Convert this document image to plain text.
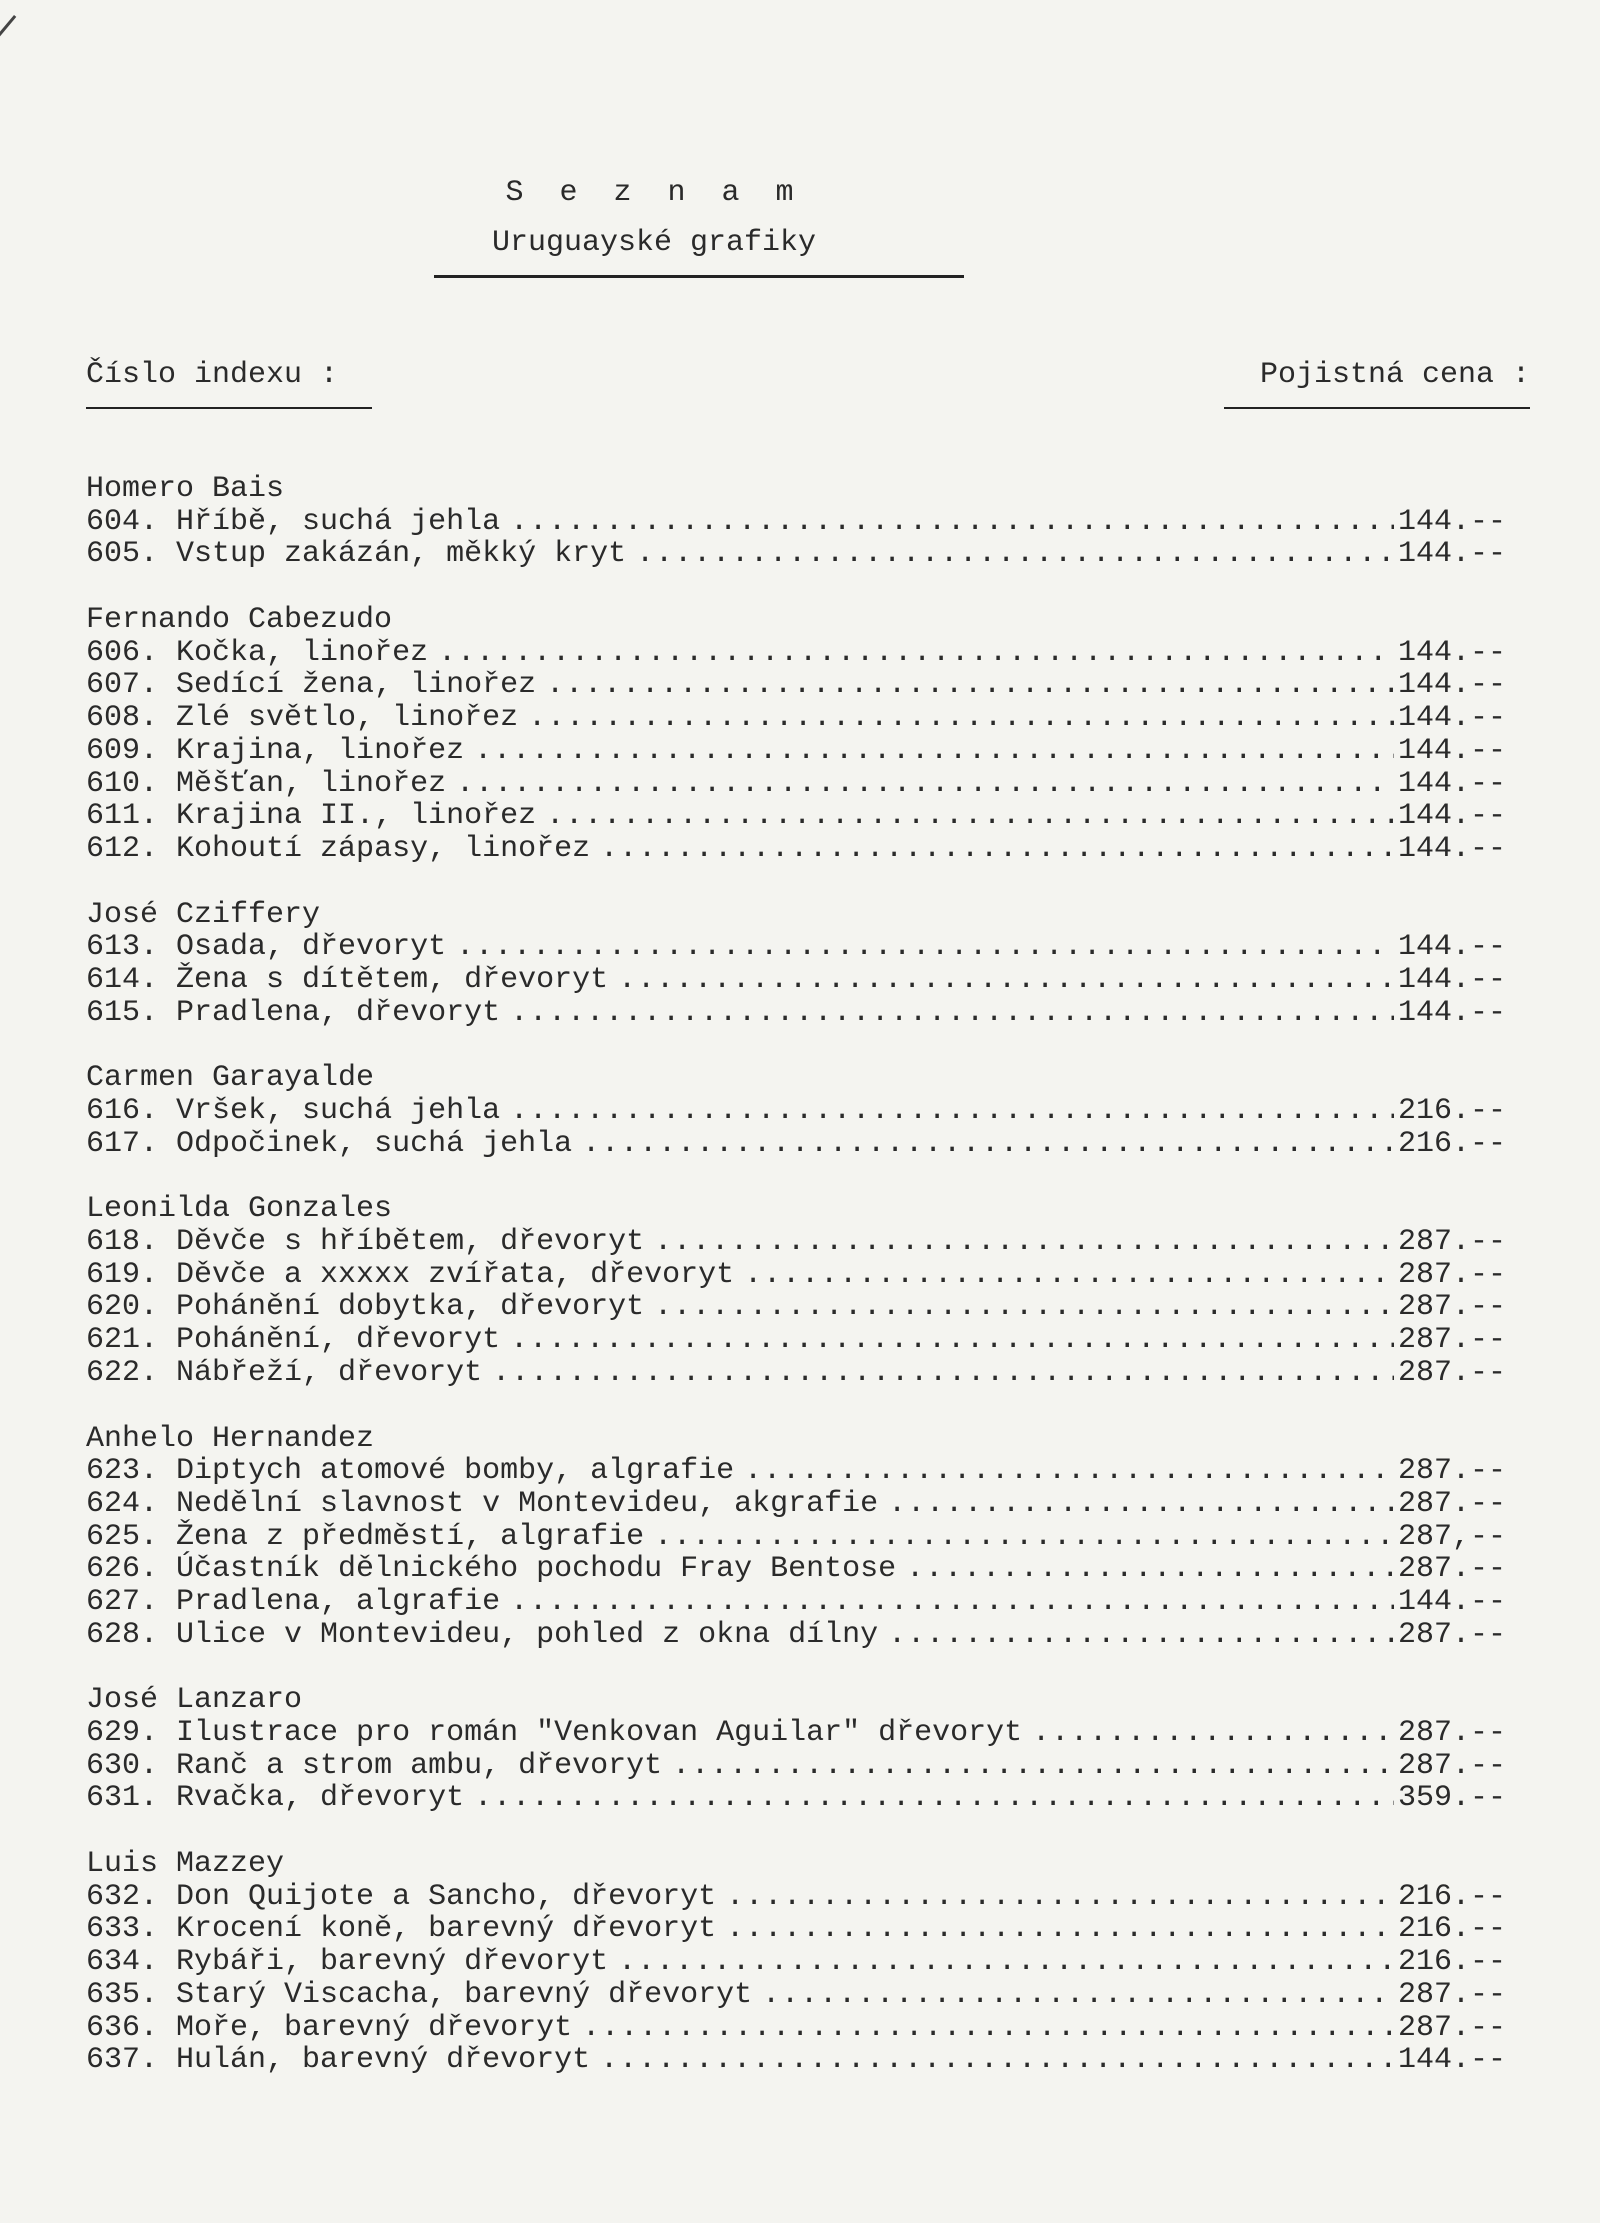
S e z n a m
Uruguayské grafiky
Číslo indexu :	Pojistná cena :
Homero Bais
604 . Hříbě, suchá jehla .....	144.--
605 . Vstup zakázán, měkký kryt .....	144.--
Fernando Cabezudo
606 . Kočka, linořez .....	144.--
607 . Sedící žena, linořez .....	144.--
608 . Zlé světlo, linořez .....	144.--
609 . Krajina, linořez .....	144.--
610 . Měšťan, linořez .....	144.--
611 . Krajina II., linořez .....	144.--
612 . Kohoutí zápasy, linořez .....	144.--
José Cziffery
613 . Osada, dřevoryt .....	144.--
614 . Žena s dítětem, dřevoryt .....	144.--
615 . Pradlena, dřevoryt .....	144.--
Carmen Garayalde
616 . Vršek, suchá jehla .....	216.--
617 . Odpočinek, suchá jehla .....	216.--
Leonilda Gonzales
618 . Děvče s hříbětem, dřevoryt .....	287.--
619 . Děvče a xxxxx zvířata, dřevoryt .....	287.--
620 . Pohánění dobytka, dřevoryt .....	287.--
621 . Pohánění, dřevoryt .....	287.--
622 . Nábřeží, dřevoryt .....	287.--
Anhelo Hernandez
623 . Diptych atomové bomby, algrafie .....	287.--
624 . Nedělní slavnost v Montevideu, akgrafie .....	287.--
625 . Žena z předměstí, algrafie .....	287,--
626 . Účastník dělnického pochodu Fray Bentose .....	287.--
627 . Pradlena, algrafie .....	144.--
628 . Ulice v Montevideu, pohled z okna dílny .....	287.--
José Lanzaro
629 . Ilustrace pro román "Venkovan Aguilar" dřevoryt .....	287.--
630 . Ranč a strom ambu, dřevoryt .....	287.--
631 . Rvačka, dřevoryt .....	359.--
Luis Mazzey
632 . Don Quijote a Sancho, dřevoryt .....	216.--
633 . Krocení koně, barevný dřevoryt .....	216.--
634 . Rybáři, barevný dřevoryt .....	216.--
635 . Starý Viscacha, barevný dřevoryt .....	287.--
636 . Moře, barevný dřevoryt .....	287.--
637 . Hulán, barevný dřevoryt .....	144.--
